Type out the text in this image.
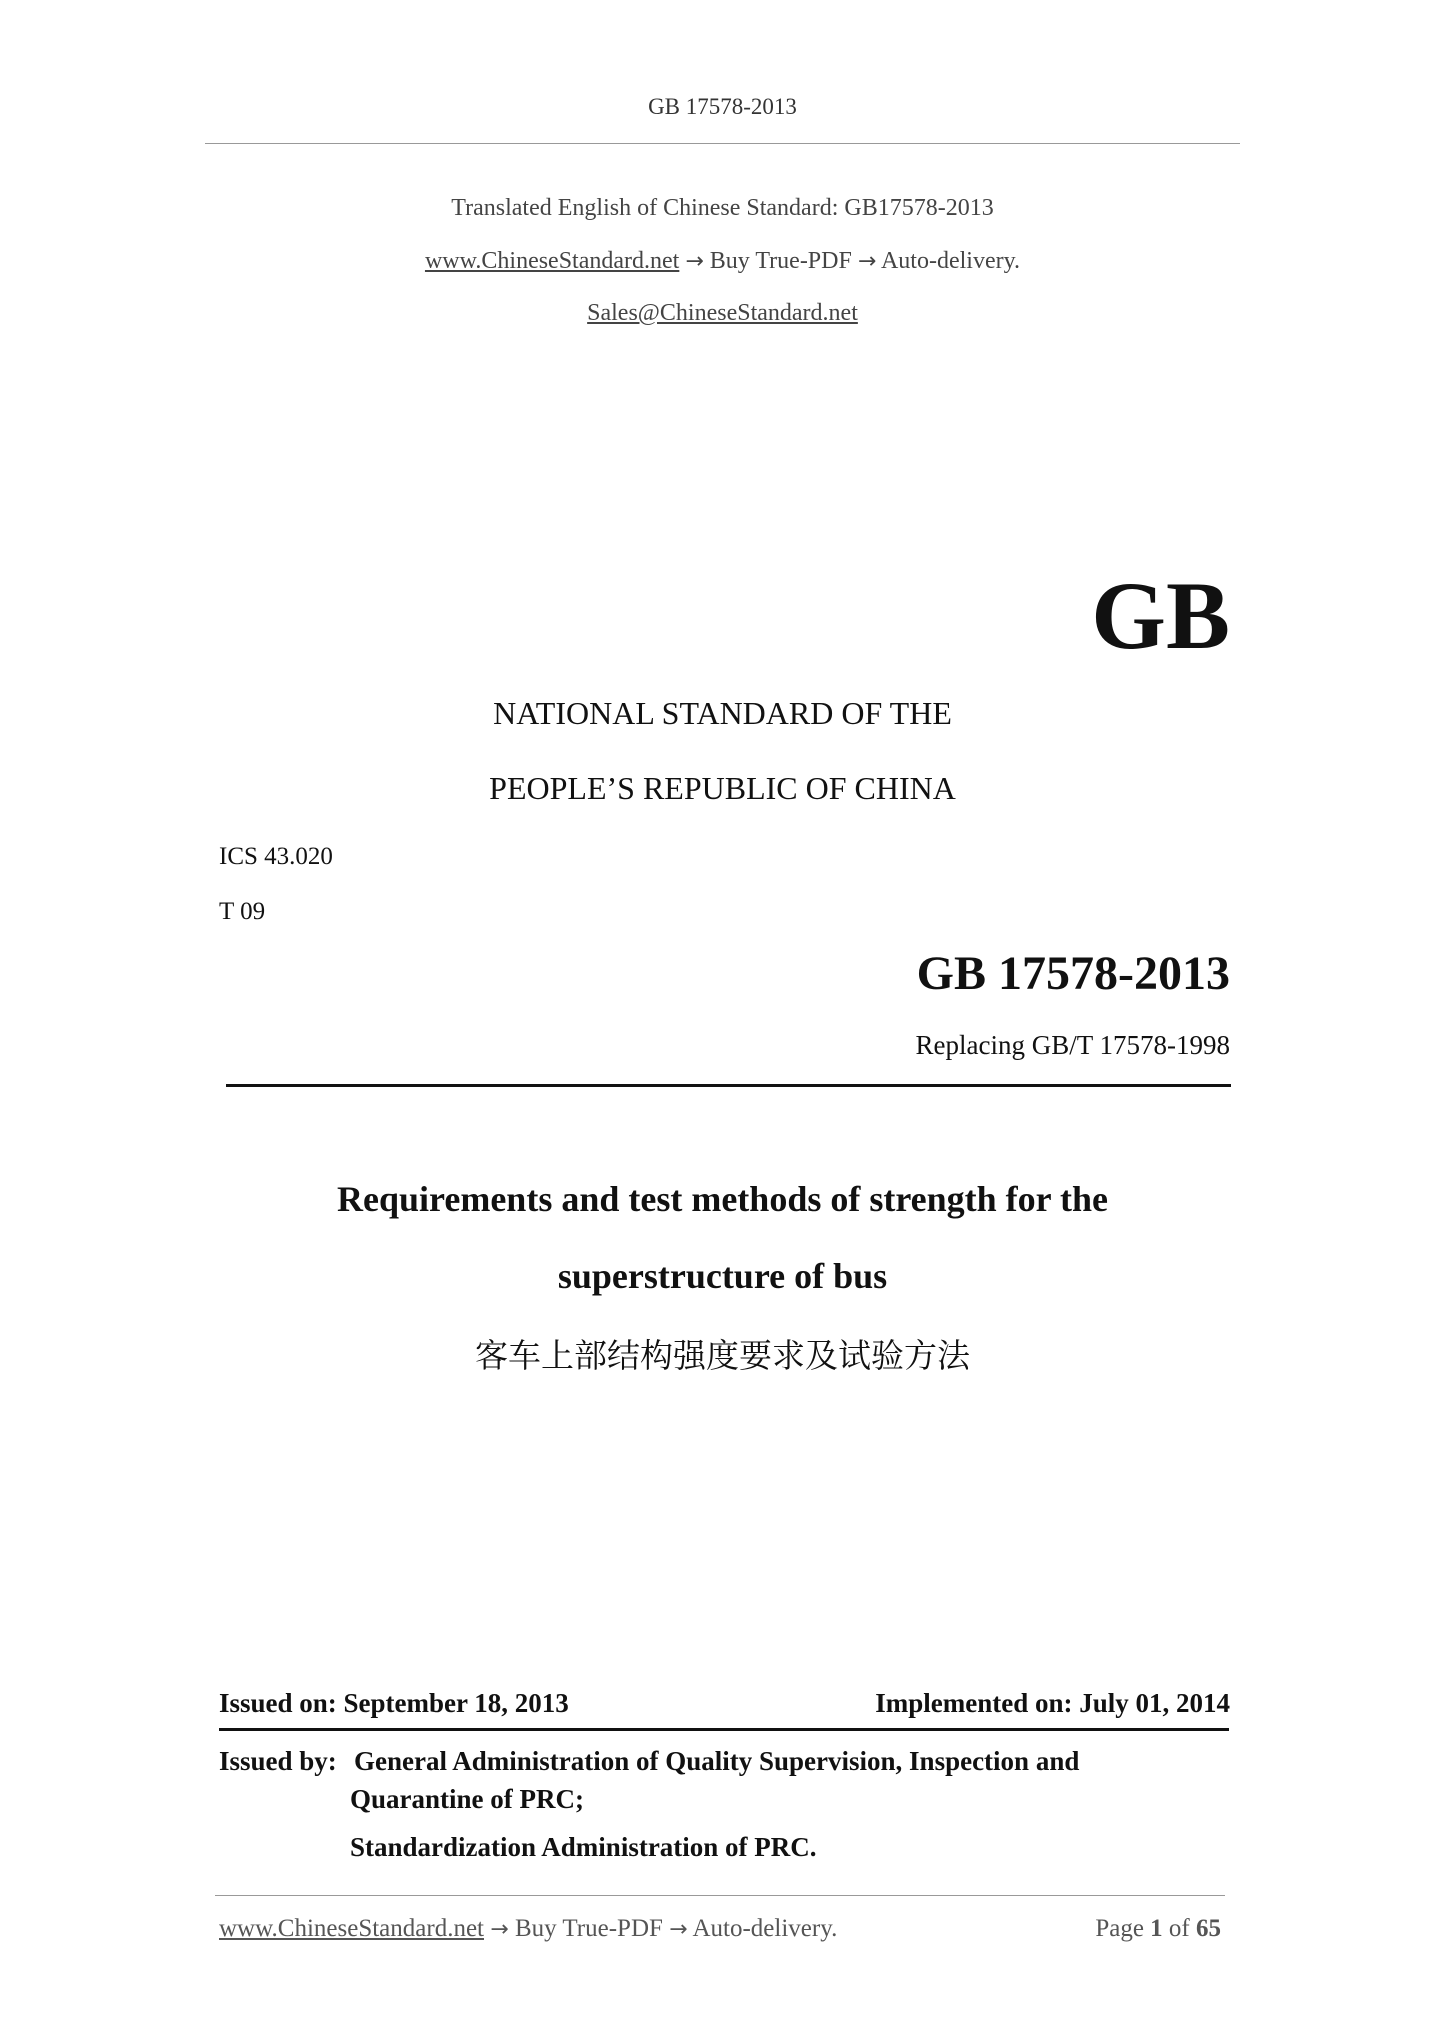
GB 17578-2013
Translated English of Chinese Standard: GB17578-2013
www.ChineseStandard.net → Buy True-PDF → Auto-delivery.
Sales@ChineseStandard.net
GB
NATIONAL STANDARD OF THE
PEOPLE’S REPUBLIC OF CHINA
ICS 43.020
T 09
GB 17578-2013
Replacing GB/T 17578-1998
Requirements and test methods of strength for the
superstructure of bus
客车上部结构强度要求及试验方法
Issued on: September 18, 2013	Implemented on: July 01, 2014
Issued by: General Administration of Quality Supervision, Inspection and
Quarantine of PRC;
Standardization Administration of PRC.
www.ChineseStandard.net → Buy True-PDF → Auto-delivery.	Page 1 of 65
